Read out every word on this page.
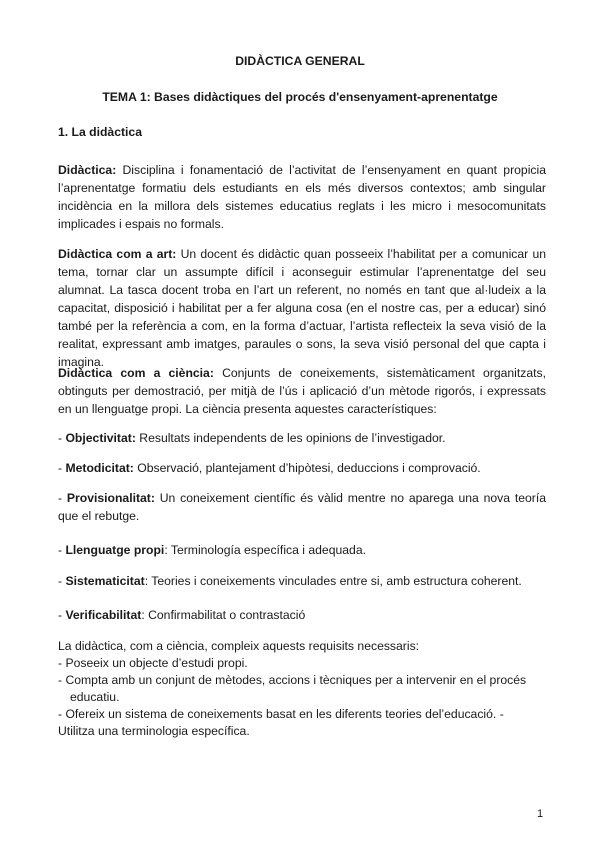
DIDÀCTICA GENERAL
TEMA 1: Bases didàctiques del procés d'ensenyament-aprenentatge
1. La didàctica
Didàctica: Disciplina i fonamentació de l’activitat de l’ensenyament en quant propicia l’aprenentatge formatiu dels estudiants en els més diversos contextos; amb singular incidència en la millora dels sistemes educatius reglats i les micro i mesocomunitats implicades i espais no formals.
Didàctica com a art: Un docent és didàctic quan posseeix l’habilitat per a comunicar un tema, tornar clar un assumpte difícil i aconseguir estimular l’aprenentatge del seu alumnat. La tasca docent troba en l’art un referent, no només en tant que al·ludeix a la capacitat, disposició i habilitat per a fer alguna cosa (en el nostre cas, per a educar) sinó també per la referència a com, en la forma d’actuar, l’artista reflecteix la seva visió de la realitat, expressant amb imatges, paraules o sons, la seva visió personal del que capta i imagina.
Didàctica com a ciència: Conjunts de coneixements, sistemàticament organitzats, obtinguts per demostració, per mitjà de l’ús i aplicació d’un mètode rigorós, i expressats en un llenguatge propi. La ciència presenta aquestes característiques:
- Objectivitat: Resultats independents de les opinions de l’investigador.
- Metodicitat: Observació, plantejament d’hipòtesi, deduccions i comprovació.
- Provisionalitat: Un coneixement científic és vàlid mentre no aparega una nova teoría que el rebutge.
- Llenguatge propi: Terminología específica i adequada.
- Sistematicitat: Teories i coneixements vinculades entre si, amb estructura coherent.
- Verificabilitat: Confirmabilitat o contrastació
La didàctica, com a ciència, compleix aquests requisits necessaris:
- Poseeix un objecte d’estudi propi.
- Compta amb un conjunt de mètodes, accions i tècniques per a intervenir en el procés
educatiu.
- Ofereix un sistema de coneixements basat en les diferents teories del’educació. -
Utilitza una terminologia específica.
1
